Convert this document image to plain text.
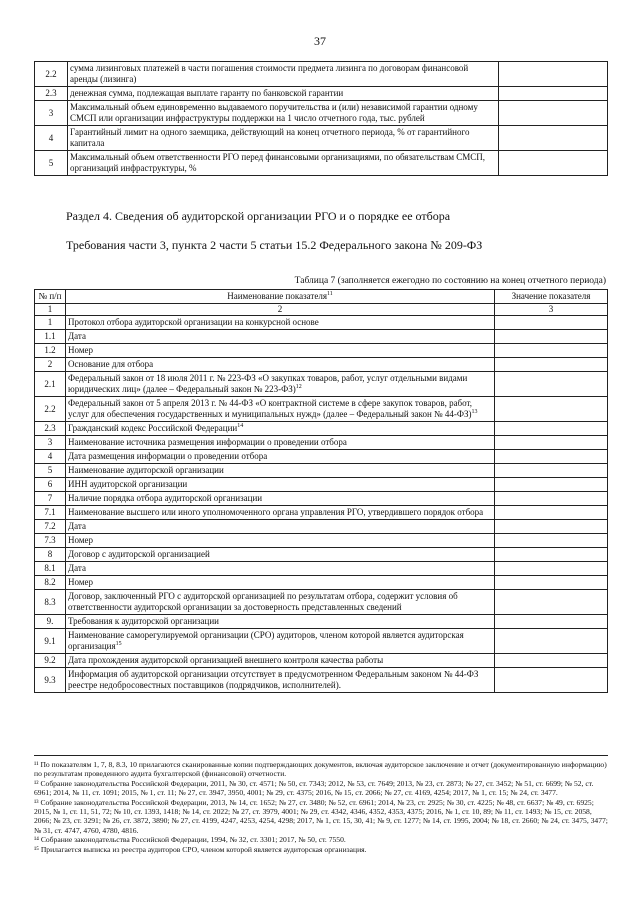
37
2.2	сумма лизинговых платежей в части погашения стоимости предмета лизинга по договорам финансовой аренды (лизинга)	
2.3	денежная сумма, подлежащая выплате гаранту по банковской гарантии	
3	Максимальный объем единовременно выдаваемого поручительства и (или) независимой гарантии одному СМСП или организации инфраструктуры поддержки на 1 число отчетного года, тыс. рублей	
4	Гарантийный лимит на одного заемщика, действующий на конец отчетного периода, % от гарантийного капитала	
5	Максимальный объем ответственности РГО перед финансовыми организациями, по обязательствам СМСП, организаций инфраструктуры, %	
Раздел 4. Сведения об аудиторской организации РГО и о порядке ее отбора
Требования части 3, пункта 2 части 5 статьи 15.2 Федерального закона № 209-ФЗ
Таблица 7 (заполняется ежегодно по состоянию на конец отчетного периода)
№ п/п	Наименование показателя$^{11}$	Значение показателя
1	2	3
1	Протокол отбора аудиторской организации на конкурсной основе	
1.1	Дата	
1.2	Номер	
2	Основание для отбора	
2.1	Федеральный закон от 18 июля 2011 г. № 223-ФЗ «О закупках товаров, работ, услуг отдельными видами юридических лиц» (далее – Федеральный закон № 223-ФЗ)$^{12}$	
2.2	Федеральный закон от 5 апреля 2013 г. № 44-ФЗ «О контрактной системе в сфере закупок товаров, работ, услуг для обеспечения государственных и муниципальных нужд» (далее – Федеральный закон № 44-ФЗ)$^{13}$	
2.3	Гражданский кодекс Российской Федерации$^{14}$	
3	Наименование источника размещения информации о проведении отбора	
4	Дата размещения информации о проведении отбора	
5	Наименование аудиторской организации	
6	ИНН аудиторской организации	
7	Наличие порядка отбора аудиторской организации	
7.1	Наименование высшего или иного уполномоченного органа управления РГО, утвердившего порядок отбора	
7.2	Дата	
7.3	Номер	
8	Договор с аудиторской организацией	
8.1	Дата	
8.2	Номер	
8.3	Договор, заключенный РГО с аудиторской организацией по результатам отбора, содержит условия об ответственности аудиторской организации за достоверность представленных сведений	
9.	Требования к аудиторской организации	
9.1	Наименование саморегулируемой организации (СРО) аудиторов, членом которой является аудиторская организация$^{15}$	
9.2	Дата прохождения аудиторской организацией внешнего контроля качества работы	
9.3	Информация об аудиторской организации отсутствует в предусмотренном Федеральным законом № 44-ФЗ реестре недобросовестных поставщиков (подрядчиков, исполнителей).	
¹¹ По показателям 1, 7, 8, 8.3, 10 прилагаются сканированные копии подтверждающих документов, включая аудиторское заключение и отчет (документированную информацию) по результатам проведенного аудита бухгалтерской (финансовой) отчетности.
¹² Собрание законодательства Российской Федерации, 2011, № 30, ст. 4571; № 50, ст. 7343; 2012, № 53, ст. 7649; 2013, № 23, ст. 2873; № 27, ст. 3452; № 51, ст. 6699; № 52, ст. 6961; 2014, № 11, ст. 1091; 2015, № 1, ст. 11; № 27, ст. 3947, 3950, 4001; № 29, ст. 4375; 2016, № 15, ст. 2066; № 27, ст. 4169, 4254; 2017, № 1, ст. 15; № 24, ст. 3477.
¹³ Собрание законодательства Российской Федерации, 2013, № 14, ст. 1652; № 27, ст. 3480; № 52, ст. 6961; 2014, № 23, ст. 2925; № 30, ст. 4225; № 48, ст. 6637; № 49, ст. 6925; 2015, № 1, ст. 11, 51, 72; № 10, ст. 1393, 1418; № 14, ст. 2022; № 27, ст. 3979, 4001; № 29, ст. 4342, 4346, 4352, 4353, 4375; 2016, № 1, ст. 10, 89; № 11, ст. 1493; № 15, ст. 2058, 2066; № 23, ст. 3291; № 26, ст. 3872, 3890; № 27, ст. 4199, 4247, 4253, 4254, 4298; 2017, № 1, ст. 15, 30, 41; № 9, ст. 1277; № 14, ст. 1995, 2004; № 18, ст. 2660; № 24, ст. 3475, 3477; № 31, ст. 4747, 4760, 4780, 4816.
¹⁴ Собрание законодательства Российской Федерации, 1994, № 32, ст. 3301; 2017, № 50, ст. 7550.
¹⁵ Прилагается выписка из реестра аудиторов СРО, членом которой является аудиторская организация.
